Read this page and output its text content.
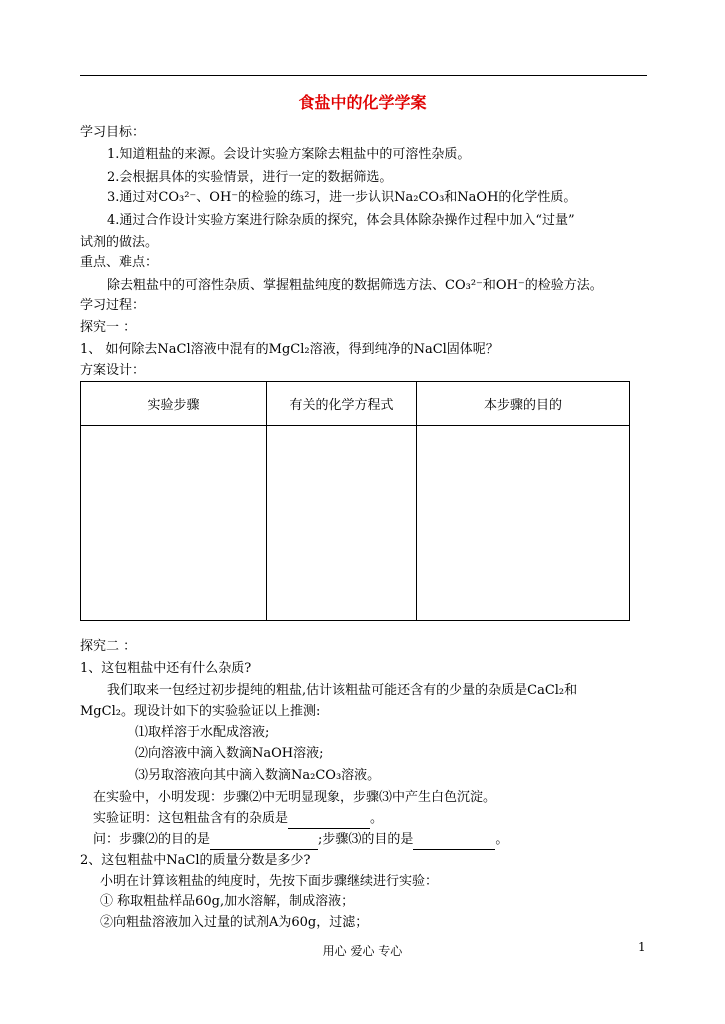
食盐中的化学学案
学习目标：
1.知道粗盐的来源。会设计实验方案除去粗盐中的可溶性杂质。
2.会根据具体的实验情景，进行一定的数据筛选。
3.通过对CO₃²⁻、OH⁻的检验的练习，进一步认识Na₂CO₃和NaOH的化学性质。
4.通过合作设计实验方案进行除杂质的探究，体会具体除杂操作过程中加入“过量”
试剂的做法。
重点、难点：
除去粗盐中的可溶性杂质、掌握粗盐纯度的数据筛选方法、CO₃²⁻和OH⁻的检验方法。
学习过程：
探究一 ：
1、 如何除去NaCl溶液中混有的MgCl₂溶液，得到纯净的NaCl固体呢？
方案设计：
实验步骤	有关的化学方程式	本步骤的目的

探究二 ：
1、这包粗盐中还有什么杂质?
我们取来一包经过初步提纯的粗盐,估计该粗盐可能还含有的少量的杂质是CaCl₂和
MgCl₂。现设计如下的实验验证以上推测:
⑴取样溶于水配成溶液;
⑵向溶液中滴入数滴NaOH溶液;
⑶另取溶液向其中滴入数滴Na₂CO₃溶液。
在实验中，小明发现：步骤⑵中无明显现象，步骤⑶中产生白色沉淀。
实验证明：这包粗盐含有的杂质是	。
问：步骤⑵的目的是	;步骤⑶的目的是	。
2、这包粗盐中NaCl的质量分数是多少?
小明在计算该粗盐的纯度时，先按下面步骤继续进行实验：
① 称取粗盐样品60g,加水溶解，制成溶液；
②向粗盐溶液加入过量的试剂A为60g，过滤；
用心 爱心 专心	1
